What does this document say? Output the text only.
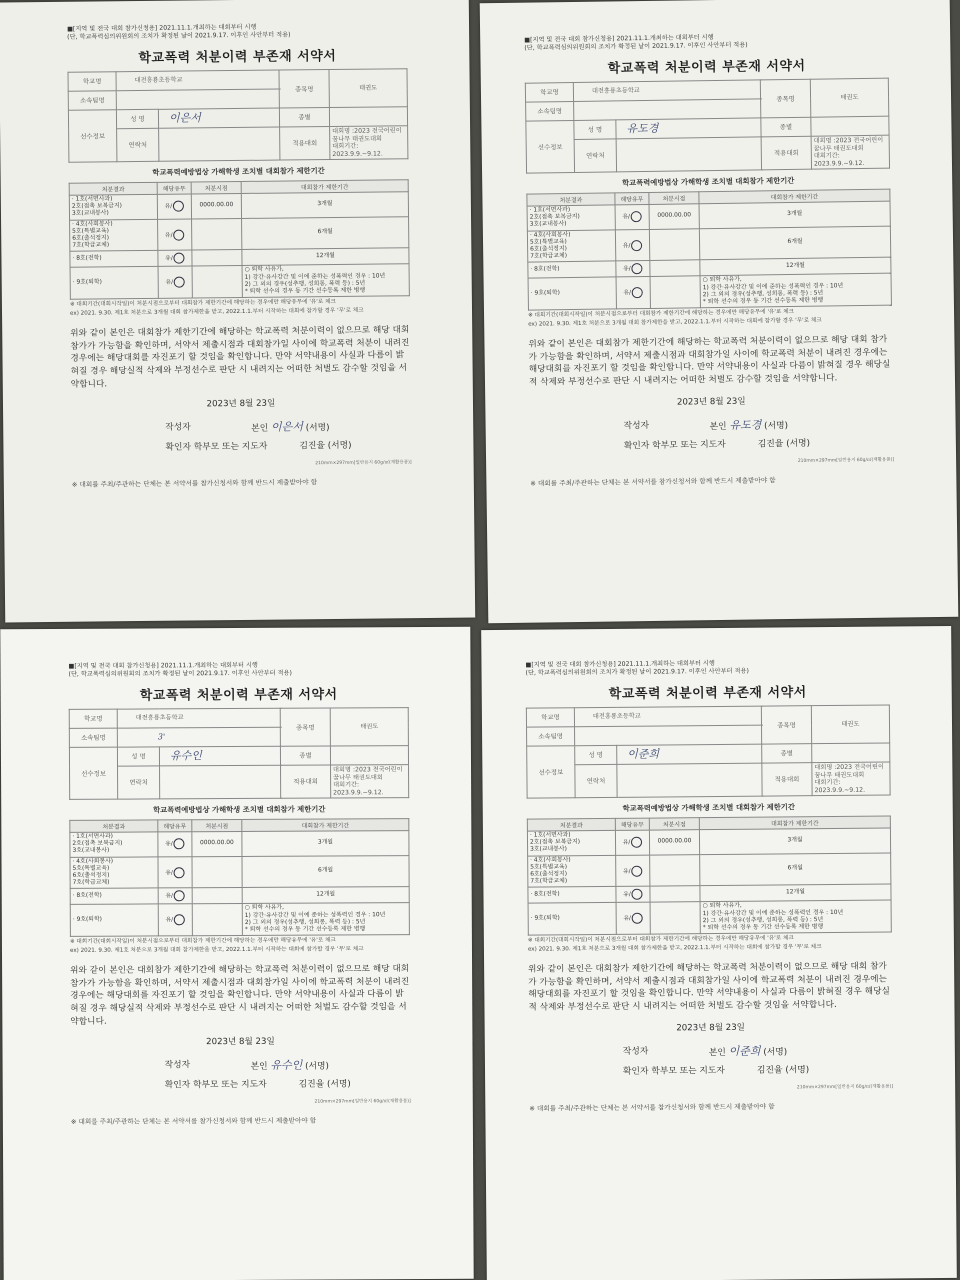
■[지역 및 전국 대회 참가신청용] 2021.11.1.개최하는 대회부터 시행
(단, 학교폭력심의위원회의 조치가 확정된 날이 2021.9.17. 이후인 사안부터 적용)
학교폭력 처분이력 부존재 서약서
학교명	대전흥룡초등학교		종목명	태권도
소속팀명				
선수정보	성 명	이은서	종별	
	연락처		적용대회	대회명 :2023 전국어린이 꿈나무 태권도대회
대회기간: 2023.9.9.~9.12.
학교폭력예방법상 가해학생 조치별 대회참가 제한기간
처분결과	해당유무	처분시점	대회참가 제한기간

· 1호(서면사과)
2호(접촉 보복금지)
3호(교내봉사)	유/	0000.00.00	3개월

· 4호(사회봉사)
5호(특별교육)
6호(출석정지)
7호(학급교체)	유/		6개월
· 8호(전학)	유/		12개월
· 9호(퇴학)	유/		○ 퇴학 사유가,
1) 강간·유사강간 및 이에 준하는 성폭력인 경우 : 10년
2) 그 외의 경우(성추행, 성희롱, 폭력 등) : 5년
* 퇴학 선수의 경우 동 기간 선수등록 제한 병행
※ 대회기간(대회시작일)이 처분시점으로부터 대회참가 제한기간에 해당하는 경우에만 해당유무에 '유'로 체크
ex) 2021. 9.30. 제1호 처분으로 3개월 대회 참가제한을 받고, 2022.1.1.부터 시작하는 대회에 참가할 경우 '무'로 체크
위와 같이 본인은 대회참가 제한기간에 해당하는 학교폭력 처분이력이 없으므로 해당 대회 참가가 가능함을 확인하며, 서약서 제출시점과 대회참가일 사이에 학교폭력 처분이 내려진 경우에는 해당대회를 자진포기 할 것임을 확인합니다. 만약 서약내용이 사실과 다름이 밝혀질 경우 해당실적 삭제와 부정선수로 판단 시 내려지는 어떠한 처벌도 감수할 것임을 서약합니다.
2023년 8월 23일
작성자	본인 이은서 (서명)
확인자 학부모 또는 지도자	김진율 (서명)
210mm×297mm[일반용지 60g/㎡(재활용품)]
※ 대회를 주최/주관하는 단체는 본 서약서를 참가신청서와 함께 반드시 제출받아야 함
■[지역 및 전국 대회 참가신청용] 2021.11.1.개최하는 대회부터 시행
(단, 학교폭력심의위원회의 조치가 확정된 날이 2021.9.17. 이후인 사안부터 적용)
학교폭력 처분이력 부존재 서약서
학교명	대전흥룡초등학교		종목명	태권도
소속팀명				
선수정보	성 명	유도경	종별	
	연락처		적용대회	대회명 :2023 전국어린이 꿈나무 태권도대회
대회기간: 2023.9.9.~9.12.
학교폭력예방법상 가해학생 조치별 대회참가 제한기간
처분결과	해당유무	처분시점	대회참가 제한기간

· 1호(서면사과)
2호(접촉 보복금지)
3호(교내봉사)	유/	0000.00.00	3개월

· 4호(사회봉사)
5호(특별교육)
6호(출석정지)
7호(학급교체)	유/		6개월
· 8호(전학)	유/		12개월
· 9호(퇴학)	유/		○ 퇴학 사유가,
1) 강간·유사강간 및 이에 준하는 성폭력인 경우 : 10년
2) 그 외의 경우(성추행, 성희롱, 폭력 등) : 5년
* 퇴학 선수의 경우 동 기간 선수등록 제한 병행
※ 대회기간(대회시작일)이 처분시점으로부터 대회참가 제한기간에 해당하는 경우에만 해당유무에 '유'로 체크
ex) 2021. 9.30. 제1호 처분으로 3개월 대회 참가제한을 받고, 2022.1.1.부터 시작하는 대회에 참가할 경우 '무'로 체크
위와 같이 본인은 대회참가 제한기간에 해당하는 학교폭력 처분이력이 없으므로 해당 대회 참가가 가능함을 확인하며, 서약서 제출시점과 대회참가일 사이에 학교폭력 처분이 내려진 경우에는 해당대회를 자진포기 할 것임을 확인합니다. 만약 서약내용이 사실과 다름이 밝혀질 경우 해당실적 삭제와 부정선수로 판단 시 내려지는 어떠한 처벌도 감수할 것임을 서약합니다.
2023년 8월 23일
작성자	본인 유도경 (서명)
확인자 학부모 또는 지도자	김진율 (서명)
210mm×297mm[일반용지 60g/㎡(재활용품)]
※ 대회를 주최/주관하는 단체는 본 서약서를 참가신청서와 함께 반드시 제출받아야 함
■[지역 및 전국 대회 참가신청용] 2021.11.1.개최하는 대회부터 시행
(단, 학교폭력심의위원회의 조치가 확정된 날이 2021.9.17. 이후인 사안부터 적용)
학교폭력 처분이력 부존재 서약서
학교명	대전흥룡초등학교		종목명	태권도
소속팀명	3'			
선수정보	성 명	유수인	종별	
	연락처		적용대회	대회명 :2023 전국어린이 꿈나무 태권도대회
대회기간: 2023.9.9.~9.12.
학교폭력예방법상 가해학생 조치별 대회참가 제한기간
처분결과	해당유무	처분시점	대회참가 제한기간

· 1호(서면사과)
2호(접촉 보복금지)
3호(교내봉사)	유/	0000.00.00	3개월

· 4호(사회봉사)
5호(특별교육)
6호(출석정지)
7호(학급교체)	유/		6개월
· 8호(전학)	유/		12개월
· 9호(퇴학)	유/		○ 퇴학 사유가,
1) 강간·유사강간 및 이에 준하는 성폭력인 경우 : 10년
2) 그 외의 경우(성추행, 성희롱, 폭력 등) : 5년
* 퇴학 선수의 경우 동 기간 선수등록 제한 병행
※ 대회기간(대회시작일)이 처분시점으로부터 대회참가 제한기간에 해당하는 경우에만 해당유무에 '유'로 체크
ex) 2021. 9.30. 제1호 처분으로 3개월 대회 참가제한을 받고, 2022.1.1.부터 시작하는 대회에 참가할 경우 '무'로 체크
위와 같이 본인은 대회참가 제한기간에 해당하는 학교폭력 처분이력이 없으므로 해당 대회 참가가 가능함을 확인하며, 서약서 제출시점과 대회참가일 사이에 학교폭력 처분이 내려진 경우에는 해당대회를 자진포기 할 것임을 확인합니다. 만약 서약내용이 사실과 다름이 밝혀질 경우 해당실적 삭제와 부정선수로 판단 시 내려지는 어떠한 처벌도 감수할 것임을 서약합니다.
2023년 8월 23일
작성자	본인 유수인 (서명)
확인자 학부모 또는 지도자	김진율 (서명)
210mm×297mm[일반용지 60g/㎡(재활용품)]
※ 대회를 주최/주관하는 단체는 본 서약서를 참가신청서와 함께 반드시 제출받아야 함
■[지역 및 전국 대회 참가신청용] 2021.11.1.개최하는 대회부터 시행
(단, 학교폭력심의위원회의 조치가 확정된 날이 2021.9.17. 이후인 사안부터 적용)
학교폭력 처분이력 부존재 서약서
학교명	대전흥룡초등학교		종목명	태권도
소속팀명				
선수정보	성 명	이준희	종별	
	연락처		적용대회	대회명 :2023 전국어린이 꿈나무 태권도대회
대회기간: 2023.9.9.~9.12.
학교폭력예방법상 가해학생 조치별 대회참가 제한기간
처분결과	해당유무	처분시점	대회참가 제한기간

· 1호(서면사과)
2호(접촉 보복금지)
3호(교내봉사)	유/	0000.00.00	3개월

· 4호(사회봉사)
5호(특별교육)
6호(출석정지)
7호(학급교체)	유/		6개월
· 8호(전학)	유/		12개월
· 9호(퇴학)	유/		○ 퇴학 사유가,
1) 강간·유사강간 및 이에 준하는 성폭력인 경우 : 10년
2) 그 외의 경우(성추행, 성희롱, 폭력 등) : 5년
* 퇴학 선수의 경우 동 기간 선수등록 제한 병행
※ 대회기간(대회시작일)이 처분시점으로부터 대회참가 제한기간에 해당하는 경우에만 해당유무에 '유'로 체크
ex) 2021. 9.30. 제1호 처분으로 3개월 대회 참가제한을 받고, 2022.1.1.부터 시작하는 대회에 참가할 경우 '무'로 체크
위와 같이 본인은 대회참가 제한기간에 해당하는 학교폭력 처분이력이 없으므로 해당 대회 참가가 가능함을 확인하며, 서약서 제출시점과 대회참가일 사이에 학교폭력 처분이 내려진 경우에는 해당대회를 자진포기 할 것임을 확인합니다. 만약 서약내용이 사실과 다름이 밝혀질 경우 해당실적 삭제와 부정선수로 판단 시 내려지는 어떠한 처벌도 감수할 것임을 서약합니다.
2023년 8월 23일
작성자	본인 이준희 (서명)
확인자 학부모 또는 지도자	김진율 (서명)
210mm×297mm[일반용지 60g/㎡(재활용품)]
※ 대회를 주최/주관하는 단체는 본 서약서를 참가신청서와 함께 반드시 제출받아야 함
